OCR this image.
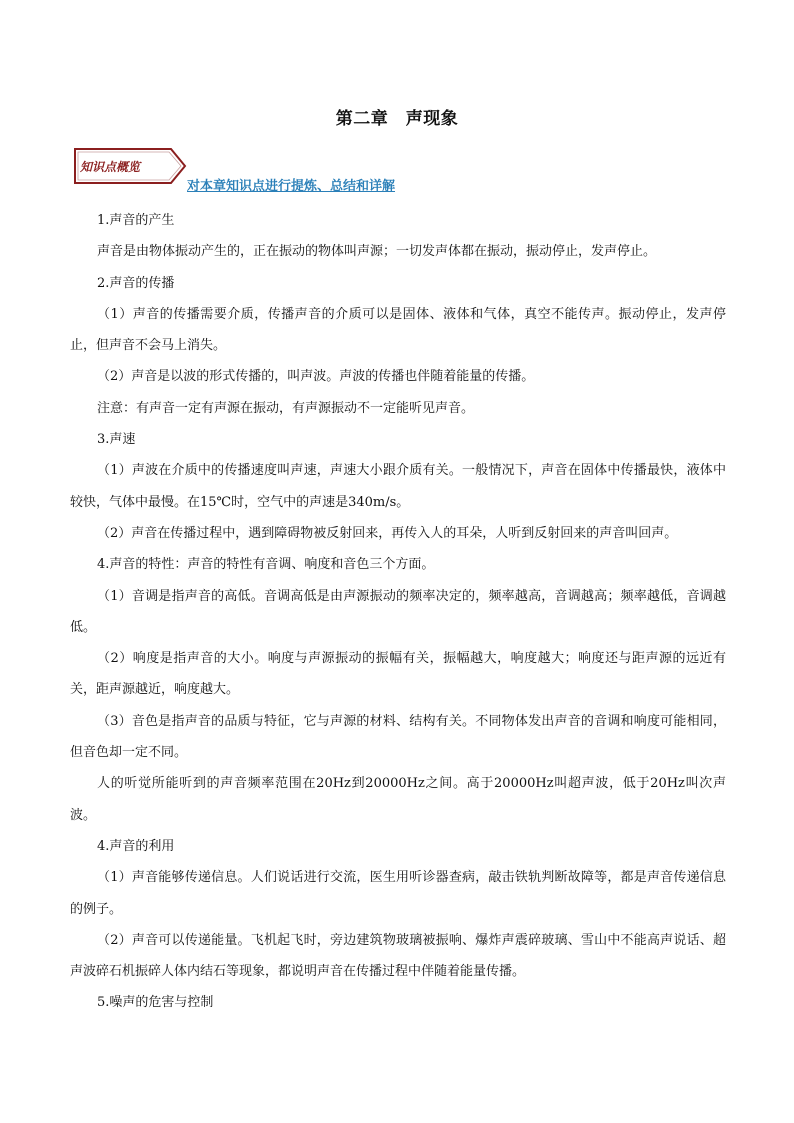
第二章　声现象
知识点概览
对本章知识点进行提炼、总结和详解

1.声音的产生

声音是由物体振动产生的，正在振动的物体叫声源；一切发声体都在振动，振动停止，发声停止。

2.声音的传播

（1）声音的传播需要介质，传播声音的介质可以是固体、液体和气体，真空不能传声。振动停止，发声停止，但声音不会马上消失。

（2）声音是以波的形式传播的，叫声波。声波的传播也伴随着能量的传播。

注意：有声音一定有声源在振动，有声源振动不一定能听见声音。

3.声速

（1）声波在介质中的传播速度叫声速，声速大小跟介质有关。一般情况下，声音在固体中传播最快，液体中较快，气体中最慢。在15℃时，空气中的声速是340m/s。

（2）声音在传播过程中，遇到障碍物被反射回来，再传入人的耳朵，人听到反射回来的声音叫回声。

4.声音的特性：声音的特性有音调、响度和音色三个方面。

（1）音调是指声音的高低。音调高低是由声源振动的频率决定的，频率越高，音调越高；频率越低，音调越低。

（2）响度是指声音的大小。响度与声源振动的振幅有关，振幅越大，响度越大；响度还与距声源的远近有关，距声源越近，响度越大。

（3）音色是指声音的品质与特征，它与声源的材料、结构有关。不同物体发出声音的音调和响度可能相同，但音色却一定不同。

人的听觉所能听到的声音频率范围在20Hz到20000Hz之间。高于20000Hz叫超声波，低于20Hz叫次声波。

4.声音的利用

（1）声音能够传递信息。人们说话进行交流，医生用听诊器查病，敲击铁轨判断故障等，都是声音传递信息的例子。

（2）声音可以传递能量。飞机起飞时，旁边建筑物玻璃被振响、爆炸声震碎玻璃、雪山中不能高声说话、超声波碎石机振碎人体内结石等现象，都说明声音在传播过程中伴随着能量传播。

5.噪声的危害与控制
